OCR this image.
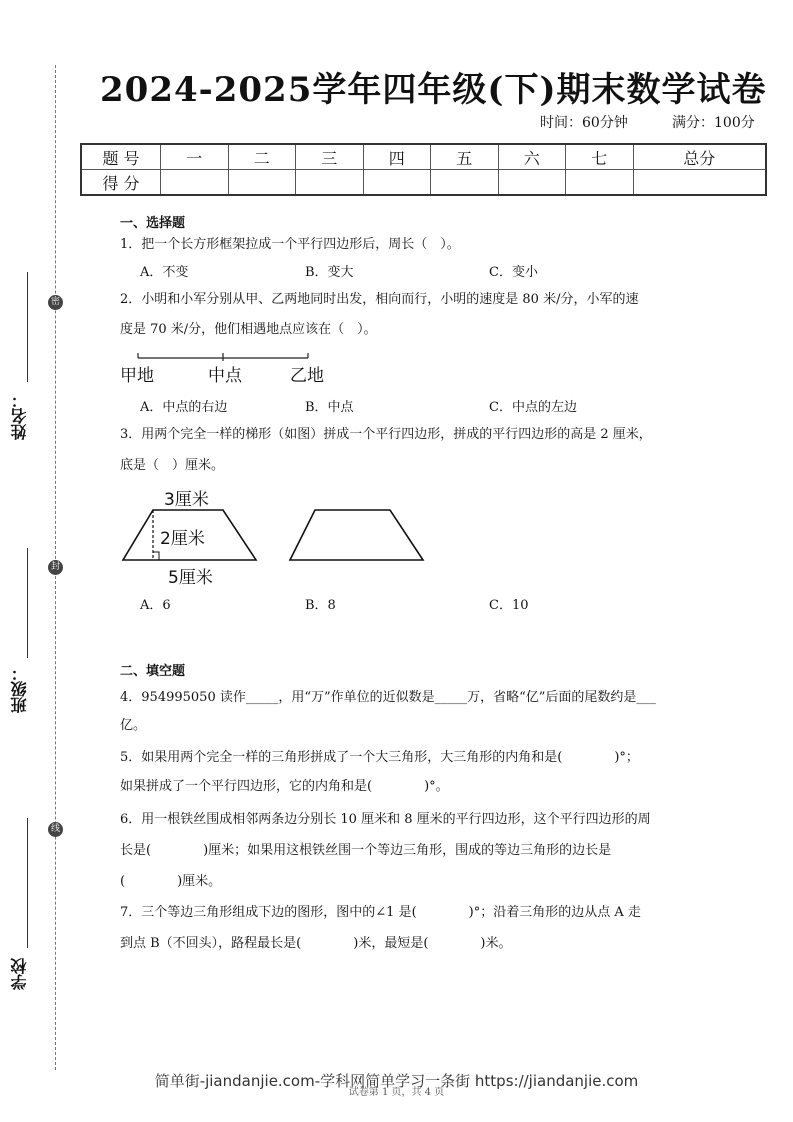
密
封
线
姓名：
班级：
学校
2024-2025学年四年级(下)期末数学试卷
时间：60分钟	满分：100分
题 号	一	二	三	四	五	六	七	总分
得 分								
一、选择题
1．把一个长方形框架拉成一个平行四边形后，周长（　）。
A．不变	B．变大	C．变小
2．小明和小军分别从甲、乙两地同时出发，相向而行，小明的速度是 80 米/分，小军的速
度是 70 米/分，他们相遇地点应该在（　）。
甲地	中点	乙地
A．中点的右边	B．中点	C．中点的左边
3．用两个完全一样的梯形（如图）拼成一个平行四边形，拼成的平行四边形的高是 2 厘米，
底是（　）厘米。
3厘米
2厘米
5厘米
A．6	B．8	C．10
二、填空题
4．954995050 读作_____，用“万”作单位的近似数是_____万，省略“亿”后面的尾数约是___
亿。
5．如果用两个完全一样的三角形拼成了一个大三角形，大三角形的内角和是(　　　　)°；
如果拼成了一个平行四边形，它的内角和是(　　　　)°。
6．用一根铁丝围成相邻两条边分别长 10 厘米和 8 厘米的平行四边形，这个平行四边形的周
长是(　　　　)厘米；如果用这根铁丝围一个等边三角形，围成的等边三角形的边长是
(　　　　)厘米。
7．三个等边三角形组成下边的图形，图中的∠1 是(　　　　)°；沿着三角形的边从点 A 走
到点 B（不回头），路程最长是(　　　　)米，最短是(　　　　)米。
简单街-jiandanjie.com-学科网简单学习一条街 https://jiandanjie.com
试卷第 1 页，共 4 页
